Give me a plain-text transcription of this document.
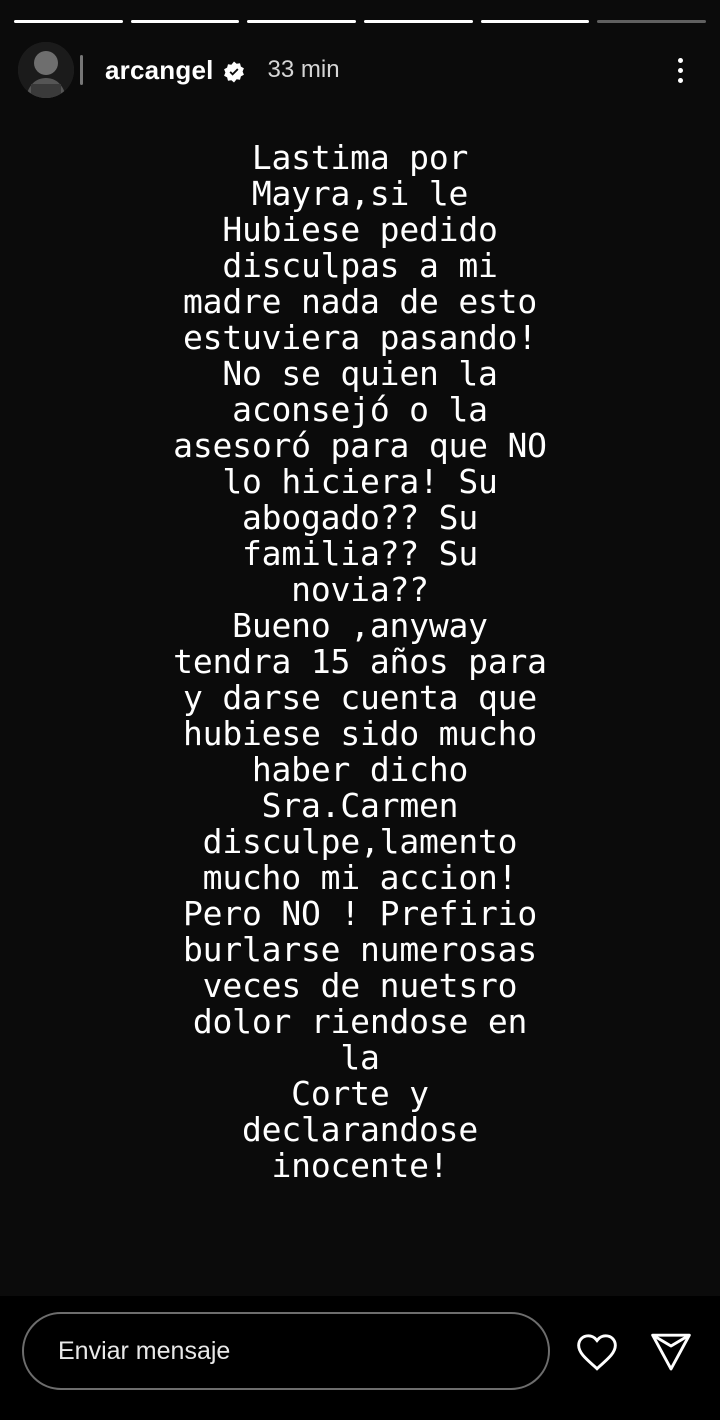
arcangel 33 min
Lastima por
Mayra,si le
Hubiese pedido
disculpas a mi
madre nada de esto
estuviera pasando!
No se quien la
aconsejó o la
asesoró para que NO
lo hiciera! Su
abogado?? Su
familia?? Su
novia??
Bueno ,anyway
tendra 15 años para
y darse cuenta que
hubiese sido mucho
haber dicho
Sra.Carmen
disculpe,lamento
mucho mi accion!
Pero NO ! Prefirio
burlarse numerosas
veces de nuetsro
dolor riendose en
la
Corte y
declarandose
inocente!
Enviar mensaje
